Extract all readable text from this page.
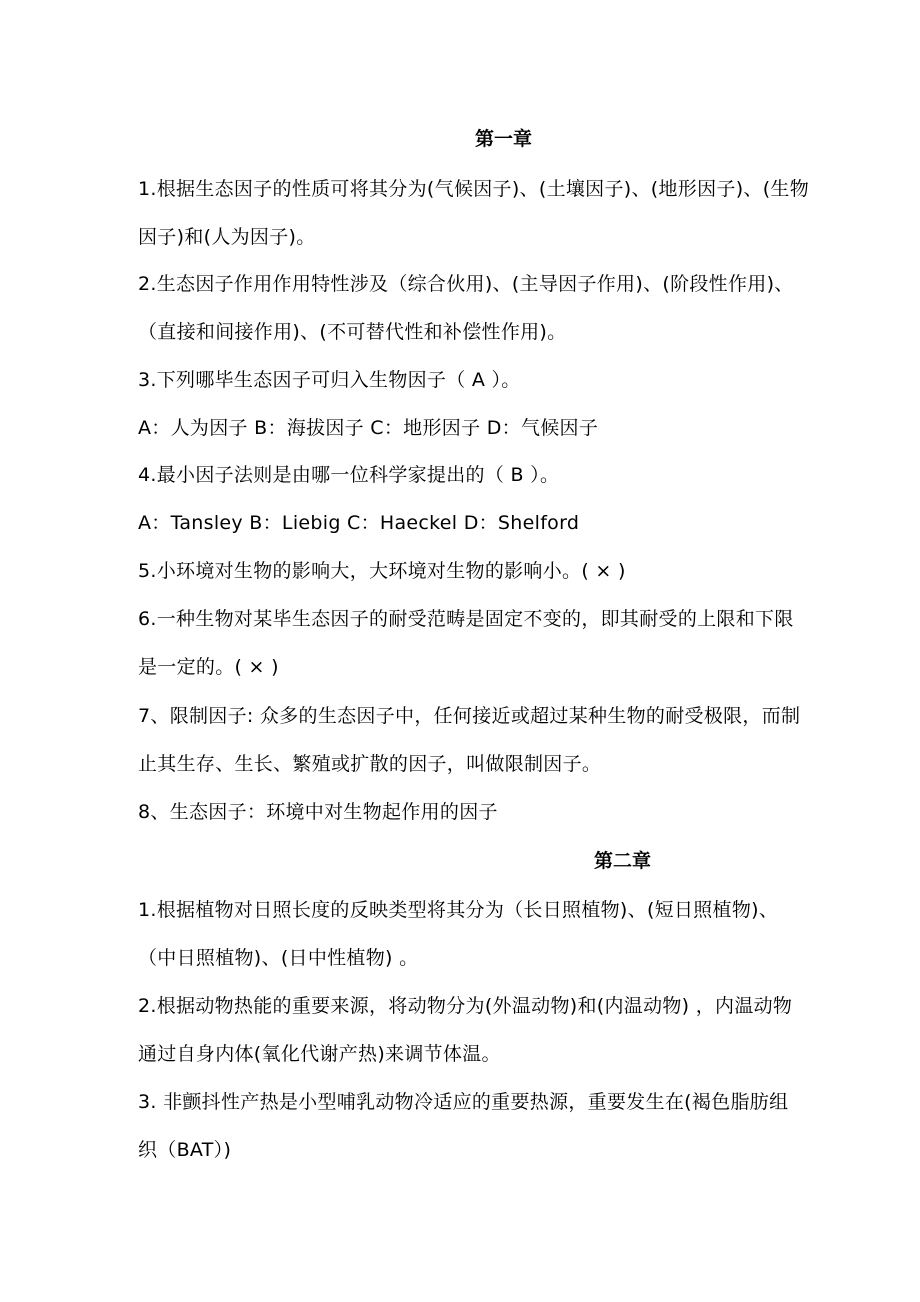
第一章
1.根据生态因子的性质可将其分为(气候因子)、(土壤因子)、(地形因子)、(生物
因子)和(人为因子)。
2.生态因子作用作用特性涉及（综合伙用)、(主导因子作用)、(阶段性作用)、
（直接和间接作用)、(不可替代性和补偿性作用)。
3.下列哪毕生态因子可归入生物因子（ A ）。
A：人为因子 B：海拔因子 C：地形因子 D：气候因子
4.最小因子法则是由哪一位科学家提出的（ B ）。
A：Tansley B：Liebig C：Haeckel D：Shelford
5.小环境对生物的影响大，大环境对生物的影响小。( × )
6.一种生物对某毕生态因子的耐受范畴是固定不变的，即其耐受的上限和下限
是一定的。( × )
7、限制因子: 众多的生态因子中，任何接近或超过某种生物的耐受极限，而制
止其生存、生长、繁殖或扩散的因子，叫做限制因子。
8、生态因子：环境中对生物起作用的因子
第二章
1.根据植物对日照长度的反映类型将其分为（长日照植物)、(短日照植物)、
（中日照植物)、(日中性植物) 。
2.根据动物热能的重要来源，将动物分为(外温动物)和(内温动物) ，内温动物
通过自身内体(氧化代谢产热)来调节体温。
3. 非颤抖性产热是小型哺乳动物冷适应的重要热源，重要发生在(褐色脂肪组
织（BAT）)
